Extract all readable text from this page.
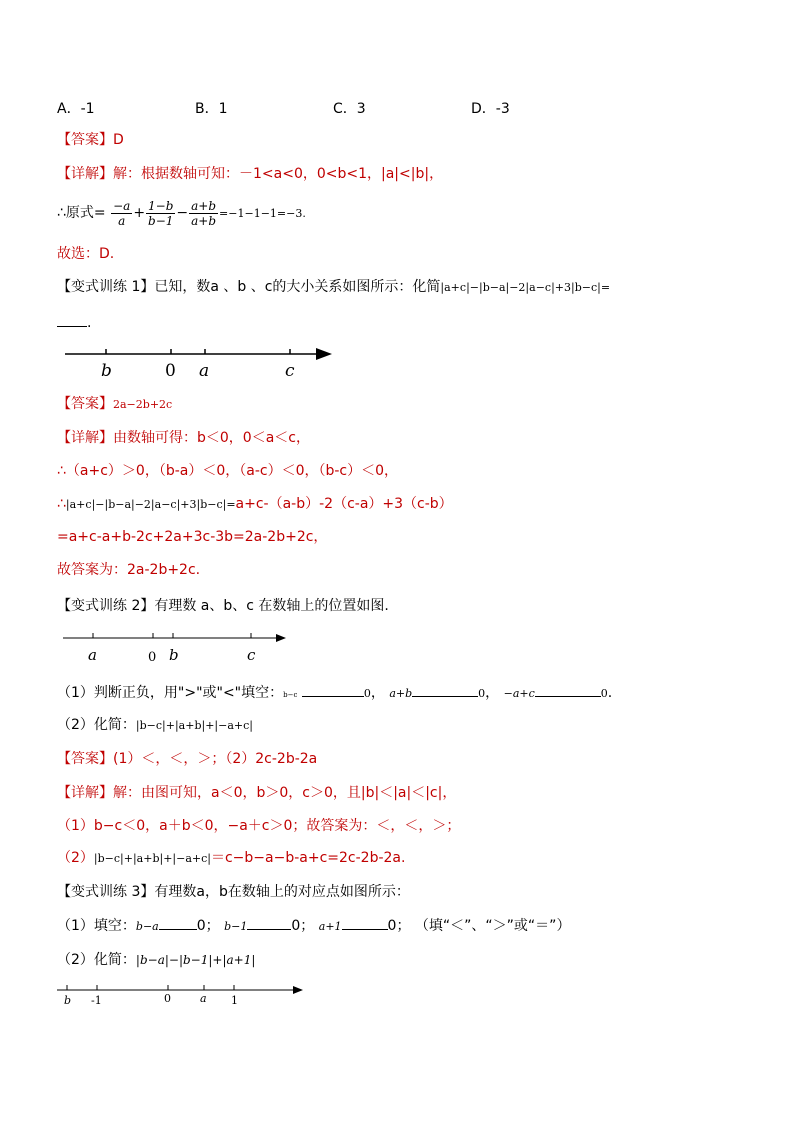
A．-1	B．1	C．3	D．-3
【答案】D
【详解】解：根据数轴可知：－1<a<0，0<b<1，|a|<|b|，
∴原式= $\frac{-a}{a} + \frac{1-b}{b-1} - \frac{a+b}{a+b} =-1-1-1=-3$.
故选：D.
【变式训练 1】已知，数a 、b 、c的大小关系如图所示：化简|a+c|−|b−a|−2|a−c|+3|b−c|=
.
b	0 a	c
【答案】2a−2b+2c
【详解】由数轴可得：b＜0，0＜a＜c，
∴（a+c）＞0，（b-a）＜0，（a-c）＜0，（b-c）＜0，
∴|a+c|−|b−a|−2|a−c|+3|b−c|=a+c-（a-b）-2（c-a）+3（c-b）
=a+c-a+b-2c+2a+3c-3b=2a-2b+2c，
故答案为：2a-2b+2c.
【变式训练 2】有理数 a、b、c 在数轴上的位置如图.
a	0 b	c
（1）判断正负，用">"或"<"填空：b−c	0， a+b	0， −a+c	0.
（2）化简：|b−c|+|a+b|+|−a+c|
【答案】(1）＜，＜，＞；（2）2c-2b-2a
【详解】解：由图可知，a＜0，b＞0，c＞0，且|b|＜|a|＜|c|，
（1）b−c＜0，a＋b＜0，−a＋c＞0；故答案为：＜，＜，＞；
（2）|b−c|+|a+b|+|−a+c|＝c−b−a−b-a+c=2c-2b-2a.
【变式训练 3】有理数a，b在数轴上的对应点如图所示：
（1）填空：b−a	0； b−1	0； a+1	0； （填“＜”、“＞”或“＝”）
（2）化简：|b−a|−|b−1|+|a+1|
b -1	0	a 1
